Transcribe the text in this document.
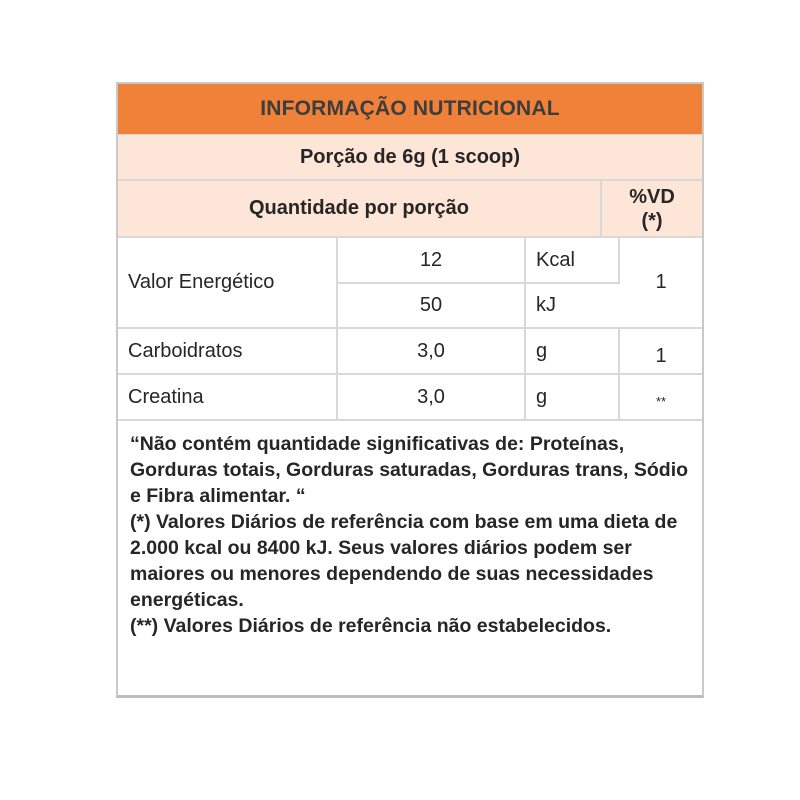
INFORMAÇÃO NUTRICIONAL
Porção de 6g (1 scoop)
Quantidade por porção
%VD
(*)
Valor Energético	12	Kcal	1
	50	kJ	
Carboidratos	3,0	g	1
Creatina	3,0	g	**

“Não contém quantidade significativas de: Proteínas, Gorduras totais, Gorduras saturadas, Gorduras trans, Sódio e Fibra alimentar. “

(*) Valores Diários de referência com base em uma dieta de 2.000 kcal ou 8400 kJ. Seus valores diários podem ser maiores ou menores dependendo de suas necessidades energéticas.

(**) Valores Diários de referência não estabelecidos.
